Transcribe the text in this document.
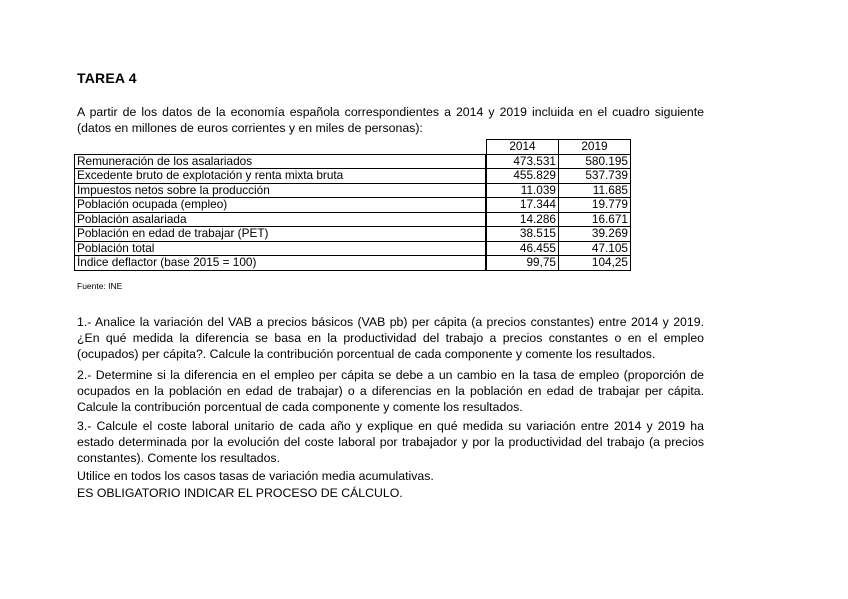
TAREA 4
A partir de los datos de la economía española correspondientes a 2014 y 2019 incluida en el cuadro siguiente (datos en millones de euros corrientes y en miles de personas):
		2014	2019
Remuneración de los asalariados		473.531	580.195
Excedente bruto de explotación y renta mixta bruta		455.829	537.739
Impuestos netos sobre la producción		11.039	11.685
Población ocupada (empleo)		17.344	19.779
Población asalariada		14.286	16.671
Población en edad de trabajar (PET)		38.515	39.269
Población total		46.455	47.105
Índice deflactor (base 2015 = 100)		99,75	104,25
Fuente: INE
1.- Analice la variación del VAB a precios básicos (VAB pb) per cápita (a precios constantes) entre 2014 y 2019. ¿En qué medida la diferencia se basa en la productividad del trabajo a precios constantes o en el empleo (ocupados) per cápita?. Calcule la contribución porcentual de cada componente y comente los resultados.
2.- Determine si la diferencia en el empleo per cápita se debe a un cambio en la tasa de empleo (proporción de ocupados en la población en edad de trabajar) o a diferencias en la población en edad de trabajar per cápita. Calcule la contribución porcentual de cada componente y comente los resultados.
3.- Calcule el coste laboral unitario de cada año y explique en qué medida su variación entre 2014 y 2019 ha estado determinada por la evolución del coste laboral por trabajador y por la productividad del trabajo (a precios constantes). Comente los resultados.
Utilice en todos los casos tasas de variación media acumulativas.
ES OBLIGATORIO INDICAR EL PROCESO DE CÁLCULO.
